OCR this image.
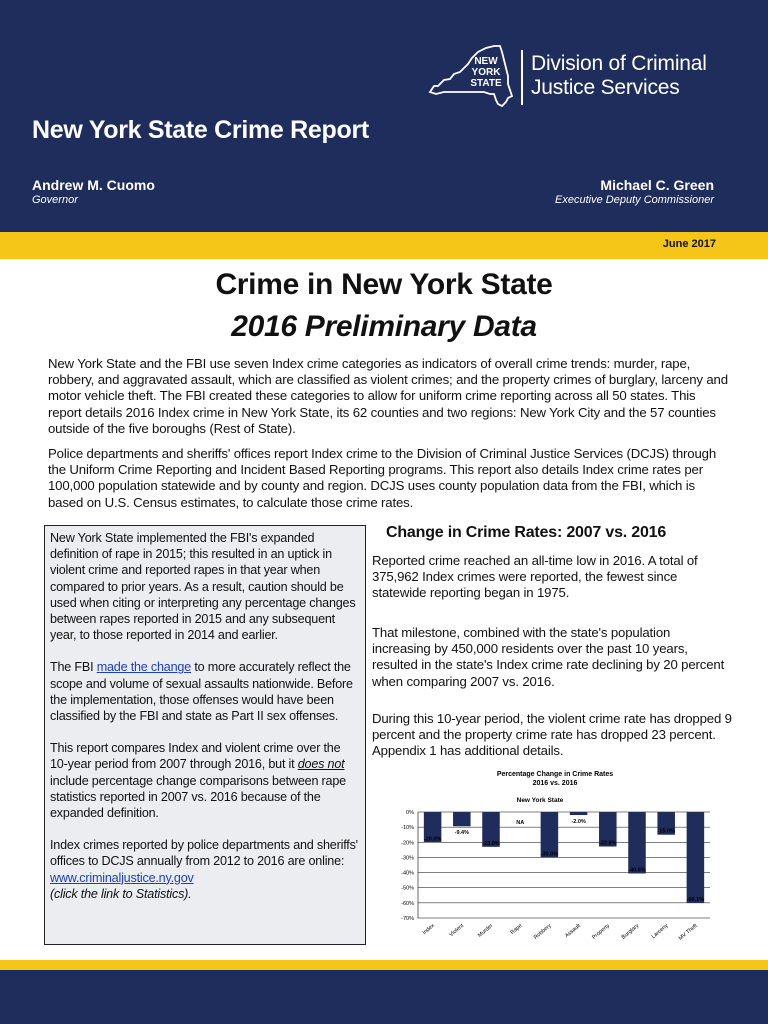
NEW
YORK
STATE
Division of Criminal
Justice Services
New York State Crime Report
Andrew M. Cuomo
Governor
Michael C. Green
Executive Deputy Commissioner
June 2017
Crime in New York State
2016 Preliminary Data

New York State and the FBI use seven Index crime categories as indicators of overall crime trends: murder, rape, robbery, and aggravated assault, which are classified as violent crimes; and the property crimes of burglary, larceny and motor vehicle theft. The FBI created these categories to allow for uniform crime reporting across all 50 states. This report details 2016 Index crime in New York State, its 62 counties and two regions: New York City and the 57 counties outside of the five boroughs (Rest of State).

Police departments and sheriffs' offices report Index crime to the Division of Criminal Justice Services (DCJS) through the Uniform Crime Reporting and Incident Based Reporting programs. This report also details Index crime rates per 100,000 population statewide and by county and region. DCJS uses county population data from the FBI, which is based on U.S. Census estimates, to calculate those crime rates.

New York State implemented the FBI's expanded definition of rape in 2015; this resulted in an uptick in violent crime and reported rapes in that year when compared to prior years. As a result, caution should be used when citing or interpreting any percentage changes between rapes reported in 2015 and any subsequent year, to those reported in 2014 and earlier.

The FBI made the change to more accurately reflect the scope and volume of sexual assaults nationwide. Before the implementation, those offenses would have been classified by the FBI and state as Part II sex offenses.

This report compares Index and violent crime over the 10-year period from 2007 through 2016, but it does not include percentage change comparisons between rape statistics reported in 2007 vs. 2016 because of the expanded definition.

Index crimes reported by police departments and sheriffs' offices to DCJS annually from 2012 to 2016 are online: www.criminaljustice.ny.gov
(click the link to Statistics).

Change in Crime Rates: 2007 vs. 2016

Reported crime reached an all-time low in 2016. A total of 375,962 Index crimes were reported, the fewest since statewide reporting began in 1975.

That milestone, combined with the state's population increasing by 450,000 residents over the past 10 years, resulted in the state's Index crime rate declining by 20 percent when comparing 2007 vs. 2016.

During this 10-year period, the violent crime rate has dropped 9 percent and the property crime rate has dropped 23 percent. Appendix 1 has additional details.

Percentage Change in Crime Rates
2016 vs. 2016
New York State
0%
-10%
-20%
-30%
-40%
-50%
-60%
-70%
-20.0%
Index
-9.4%
Violent
-23.0%
Murder
NA
Rape
-30.0%
Robbery
-2.0%
Assault
-22.8%
Property
-40.6%
Burglary
-15.0%
Larceny
-60.1%
MV Theft
